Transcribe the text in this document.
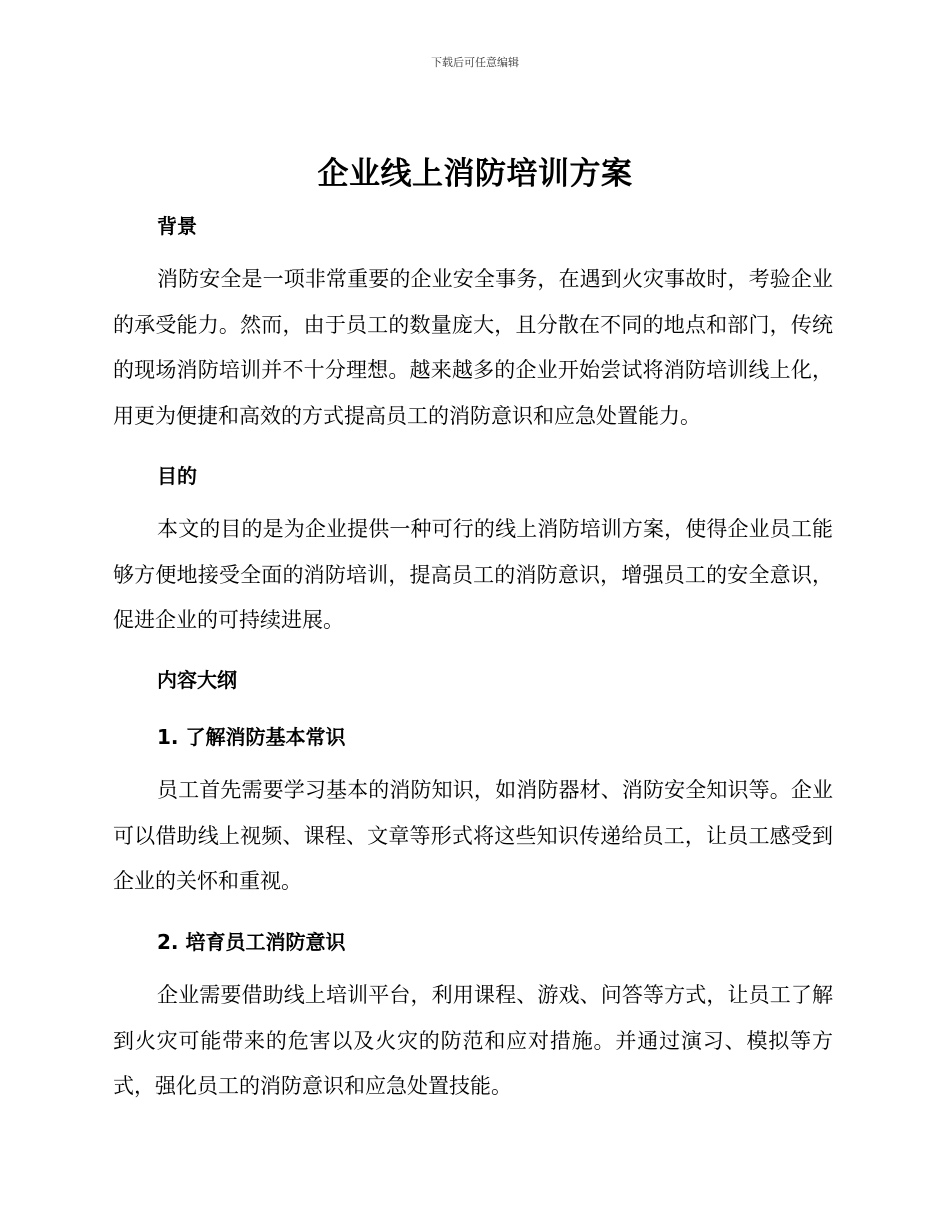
下载后可任意编辑
企业线上消防培训方案
背景

消防安全是一项非常重要的企业安全事务，在遇到火灾事故时，考验企业的承受能力。然而，由于员工的数量庞大，且分散在不同的地点和部门，传统的现场消防培训并不十分理想。越来越多的企业开始尝试将消防培训线上化，用更为便捷和高效的方式提高员工的消防意识和应急处置能力。

目的

本文的目的是为企业提供一种可行的线上消防培训方案，使得企业员工能够方便地接受全面的消防培训，提高员工的消防意识，增强员工的安全意识，促进企业的可持续进展。

内容大纲
1. 了解消防基本常识

员工首先需要学习基本的消防知识，如消防器材、消防安全知识等。企业可以借助线上视频、课程、文章等形式将这些知识传递给员工，让员工感受到企业的关怀和重视。

2. 培育员工消防意识

企业需要借助线上培训平台，利用课程、游戏、问答等方式，让员工了解到火灾可能带来的危害以及火灾的防范和应对措施。并通过演习、模拟等方式，强化员工的消防意识和应急处置技能。
